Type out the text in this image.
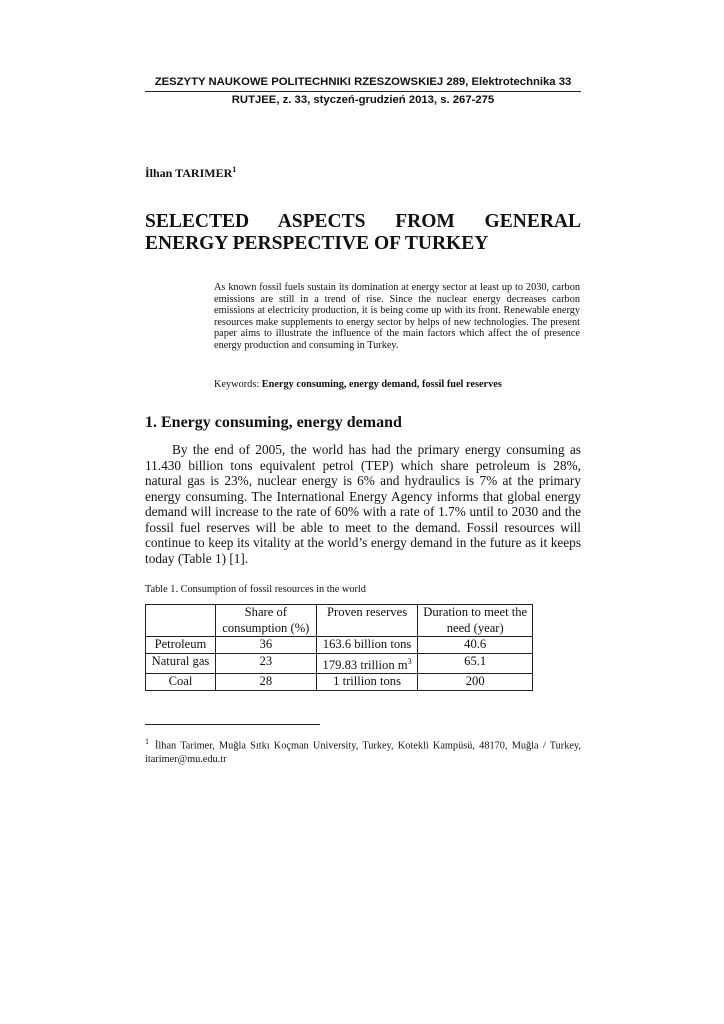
ZESZYTY NAUKOWE POLITECHNIKI RZESZOWSKIEJ 289, Elektrotechnika 33
RUTJEE, z. 33, styczeń-grudzień 2013, s. 267-275
İlhan TARIMER$^1$
SELECTED ASPECTS FROM GENERAL ENERGY PERSPECTIVE OF TURKEY
As known fossil fuels sustain its domination at energy sector at least up to 2030, carbon emissions are still in a trend of rise. Since the nuclear energy decreases carbon emissions at electricity production, it is being come up with its front. Renewable energy resources make supplements to energy sector by helps of new technologies. The present paper aims to illustrate the influence of the main factors which affect the of presence energy production and consuming in Turkey.
Keywords: Energy consuming, energy demand, fossil fuel reserves
1. Energy consuming, energy demand
By the end of 2005, the world has had the primary energy consuming as 11.430 billion tons equivalent petrol (TEP) which share petroleum is 28%, natural gas is 23%, nuclear energy is 6% and hydraulics is 7% at the primary energy consuming. The International Energy Agency informs that global energy demand will increase to the rate of 60% with a rate of 1.7% until to 2030 and the fossil fuel reserves will be able to meet to the demand. Fossil resources will continue to keep its vitality at the world’s energy demand in the future as it keeps today (Table 1) [1].
Table 1. Consumption of fossil resources in the world
	Share of consumption (%)	Proven reserves	Duration to meet the need (year)
Petroleum	36	163.6 billion tons	40.6
Natural gas	23	179.83 trillion $m^3$	65.1
Coal	28	1 trillion tons	200
$^1$ İlhan Tarimer, Muğla Sıtkı Koçman University, Turkey, Kotekli Kampüsü, 48170, Muğla / Turkey, itarimer@mu.edu.tr
